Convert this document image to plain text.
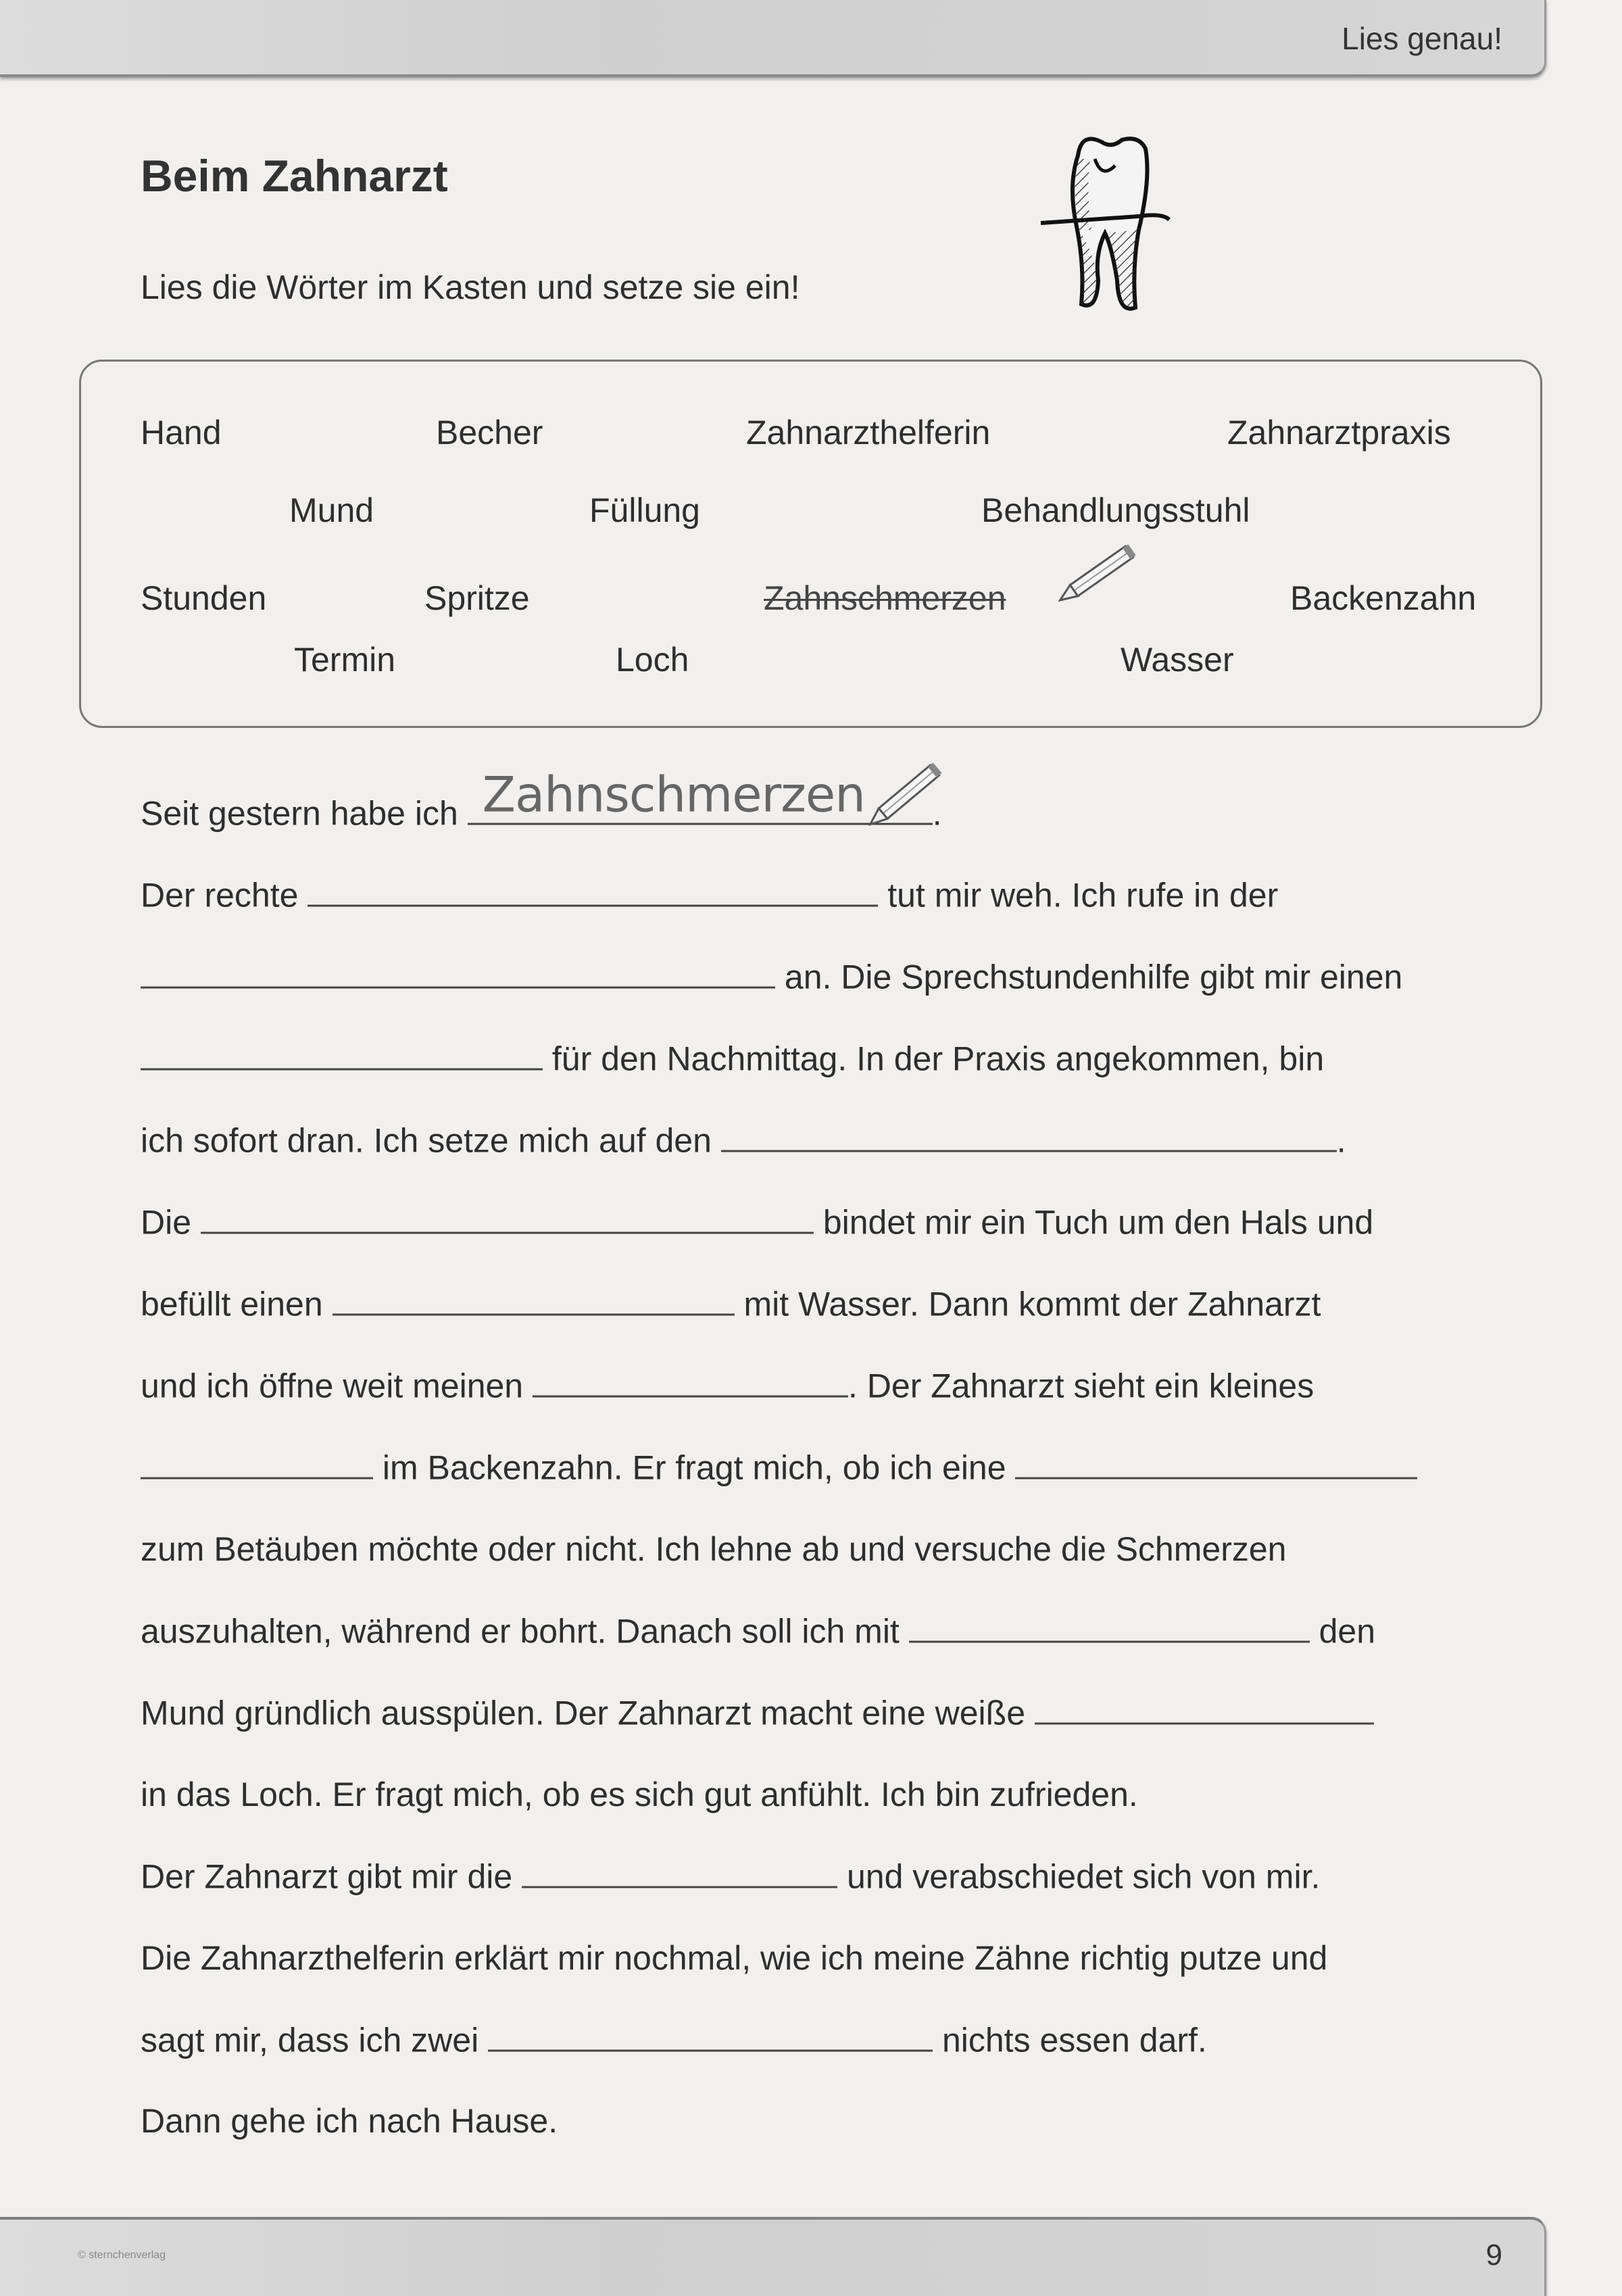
Lies genau!
Beim Zahnarzt
Lies die Wörter im Kasten und setze sie ein!
Hand	Becher	Zahnarzthelferin	Zahnarztpraxis
Mund	Füllung	Behandlungsstuhl
Stunden	Spritze	Zahnschmerzen	Backenzahn
Termin	Loch	Wasser
Seit gestern habe ich Zahnschmerzen .
Der rechte	tut mir weh. Ich rufe in der
an. Die Sprechstundenhilfe gibt mir einen
für den Nachmittag. In der Praxis angekommen, bin
ich sofort dran. Ich setze mich auf den	.
Die	bindet mir ein Tuch um den Hals und
befüllt einen	mit Wasser. Dann kommt der Zahnarzt
und ich öffne weit meinen	. Der Zahnarzt sieht ein kleines
im Backenzahn. Er fragt mich, ob ich eine
zum Betäuben möchte oder nicht. Ich lehne ab und versuche die Schmerzen
auszuhalten, während er bohrt. Danach soll ich mit	den
Mund gründlich ausspülen. Der Zahnarzt macht eine weiße
in das Loch. Er fragt mich, ob es sich gut anfühlt. Ich bin zufrieden.
Der Zahnarzt gibt mir die	und verabschiedet sich von mir.
Die Zahnarzthelferin erklärt mir nochmal, wie ich meine Zähne richtig putze und
sagt mir, dass ich zwei	nichts essen darf.
Dann gehe ich nach Hause.
© sternchenverlag	9
